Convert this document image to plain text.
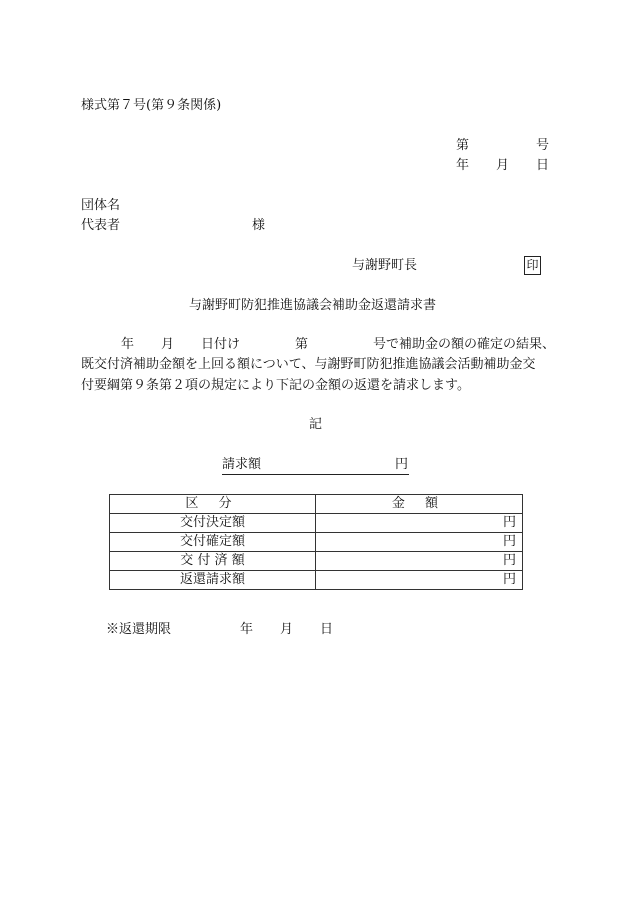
様式第７号(第９条関係)
第	号
年 月 日
団体名
代表者	様
与謝野町長	印
与謝野町防犯推進協議会補助金返還請求書
年 月 日付け	第	号で補助金の額の確定の結果、
既交付済補助金額を上回る額について、与謝野町防犯推進協議会活動補助金交
付要綱第９条第２項の規定により下記の金額の返還を請求します。
記
請求額	円
区 分	金 額
交付決定額	円
交付確定額	円
交 付 済 額	円
返還請求額	円
※返還期限	年 月 日
